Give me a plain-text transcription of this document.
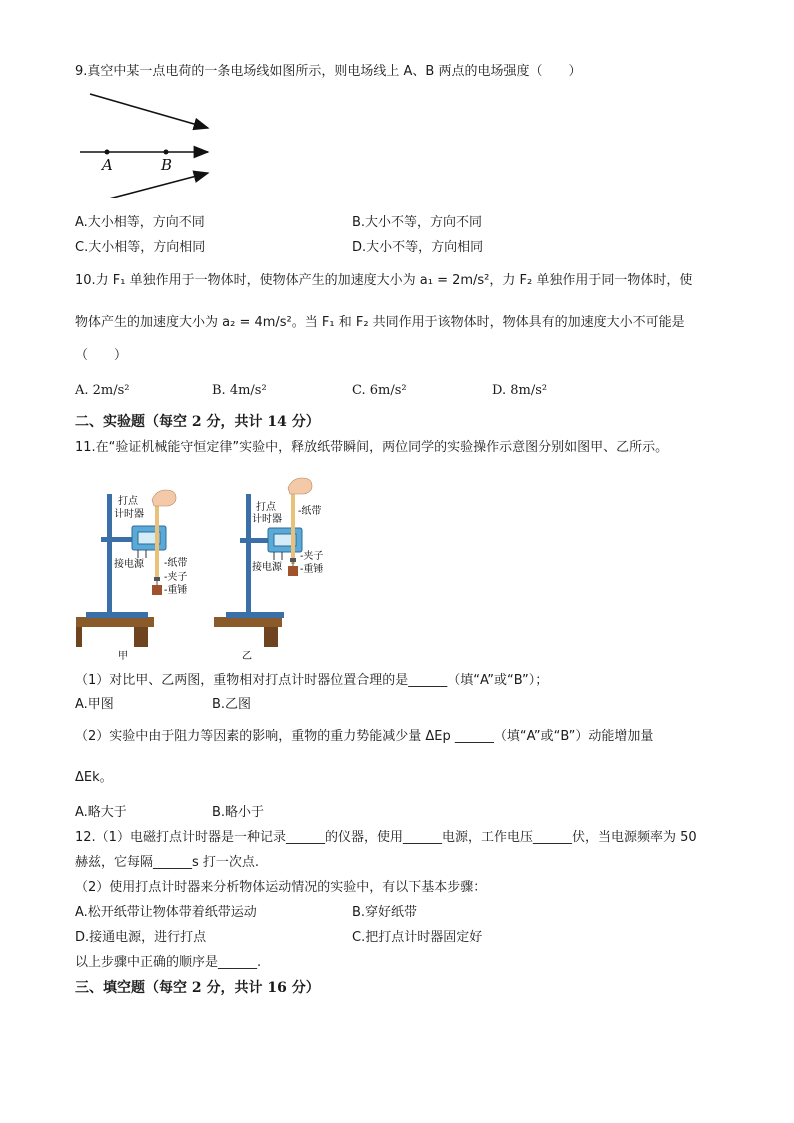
9.真空中某一点电荷的一条电场线如图所示，则电场线上 A、B 两点的电场强度（　　）
A	B
A.大小相等，方向不同	B.大小不等，方向不同
C.大小相等，方向相同	D.大小不等，方向相同
10.力 F₁ 单独作用于一物体时，使物体产生的加速度大小为 a₁ = 2m/s²，力 F₂ 单独作用于同一物体时，使
物体产生的加速度大小为 a₂ = 4m/s²。当 F₁ 和 F₂ 共同作用于该物体时，物体具有的加速度大小不可能是
（　　）
A. 2m/s²	B. 4m/s²	C. 6m/s²	D. 8m/s²
二、实验题（每空 2 分，共计 14 分）
11.在“验证机械能守恒定律”实验中，释放纸带瞬间，两位同学的实验操作示意图分别如图甲、乙所示。
打点
计时器
接电源 -纸带
-夹子
-重锤
甲
打点
计时器
-纸带
-夹子
接电源 -重锤
乙
（1）对比甲、乙两图，重物相对打点计时器位置合理的是______（填“A”或“B”）；
A.甲图	B.乙图
（2）实验中由于阻力等因素的影响，重物的重力势能减少量 ΔEp ______（填“A”或“B”）动能增加量
ΔEk。
A.略大于	B.略小于
12.（1）电磁打点计时器是一种记录______的仪器，使用______电源，工作电压______伏，当电源频率为 50
赫兹，它每隔______s 打一次点.
（2）使用打点计时器来分析物体运动情况的实验中，有以下基本步骤：
A.松开纸带让物体带着纸带运动	B.穿好纸带
D.接通电源，进行打点	C.把打点计时器固定好
以上步骤中正确的顺序是______.
三、填空题（每空 2 分，共计 16 分）
